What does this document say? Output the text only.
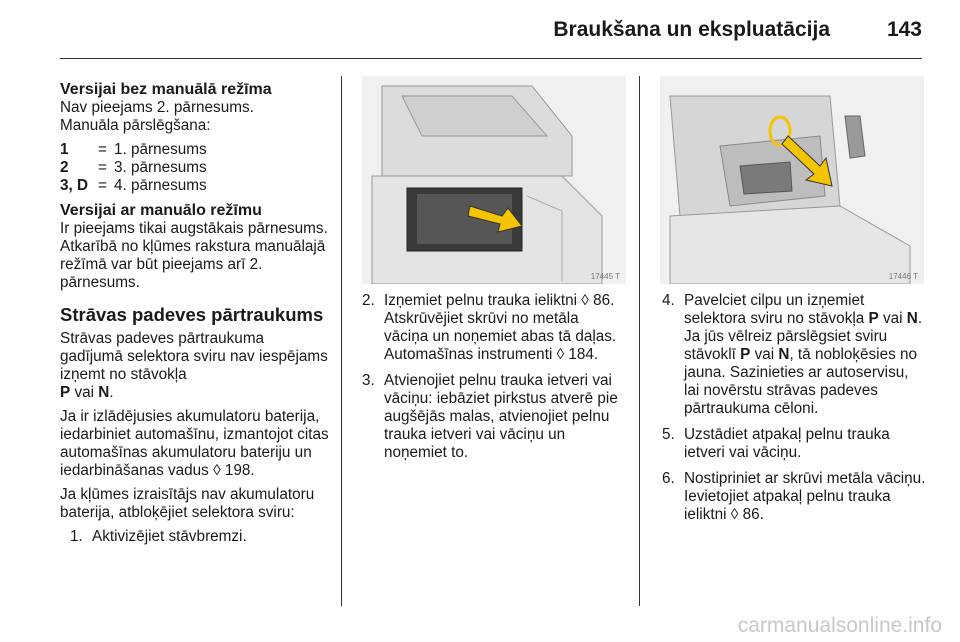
Braukšana un ekspluatācija	143
Versijai bez manuālā režīma

Nav pieejams 2. pārnesums.

Manuāla pārslēgšana:

1	= 1. pārnesums
2	= 3. pārnesums
3, D = 4. pārnesums
Versijai ar manuālo režīmu

Ir pieejams tikai augstākais pārnesums. Atkarībā no kļūmes rakstura manuālajā režīmā var būt pieejams arī 2. pārnesums.

Strāvas padeves pārtraukums

Strāvas padeves pārtraukuma gadījumā selektora sviru nav iespējams izņemt no stāvokļa
P vai N.

Ja ir izlādējusies akumulatoru baterija, iedarbiniet automašīnu, izmantojot citas automašīnas akumulatoru bateriju un iedarbināšanas vadus ◊ 198.

Ja kļūmes izraisītājs nav akumulatoru baterija, atbloķējiet selektora sviru:

1. Aktivizējiet stāvbremzi.
17445 T	17446 T
2. Izņemiet pelnu trauka ieliktni ◊ 86. Atskrūvējiet skrūvi no metāla vāciņa un noņemiet abas tā daļas. Automašīnas instrumenti ◊ 184.
3. Atvienojiet pelnu trauka ietveri vai vāciņu: iebāziet pirkstus atverē pie augšējās malas, atvienojiet pelnu trauka ietveri vai vāciņu un noņemiet to.
4. Pavelciet cilpu un izņemiet selektora sviru no stāvokļa P vai N. Ja jūs vēlreiz pārslēgsiet sviru stāvoklī P vai N, tā nobloķēsies no jauna. Sazinieties ar autoservisu, lai novērstu strāvas padeves pārtraukuma cēloni.
5. Uzstādiet atpakaļ pelnu trauka ietveri vai vāciņu.
6. Nostipriniet ar skrūvi metāla vāciņu. Ievietojiet atpakaļ pelnu trauka ieliktni ◊ 86.
carmanualsonline.info
